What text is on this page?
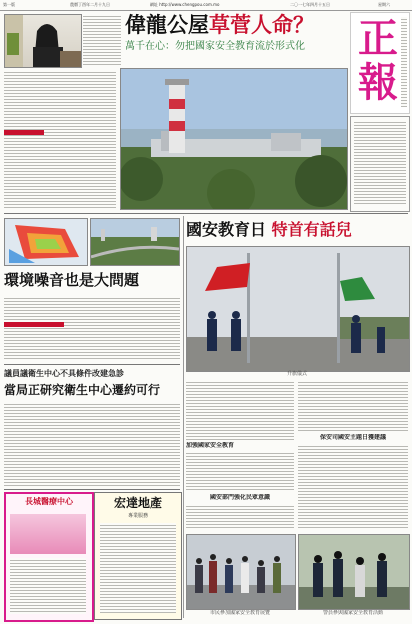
第一版	農曆丁酉年二月十九日	網址 http://www.chengpou.com.mo	二〇一七年四月十五日	星期六
偉龍公屋草菅人命？
萬千在心：勿把國家安全教育流於形式化	正
報
環境噪音也是大問題
議員議衛生中心不具條件改建急診
當局正研究衛生中心遷約可行
長城醫療中心	宏達地產
專業服務
國安教育日 特首有話兒
升旗儀式
加強國家安全教育
保安司國安主題日獲建議
國安部門強化民眾意識
市民參加國家安全教育展覽	警員參與國家安全教育活動
